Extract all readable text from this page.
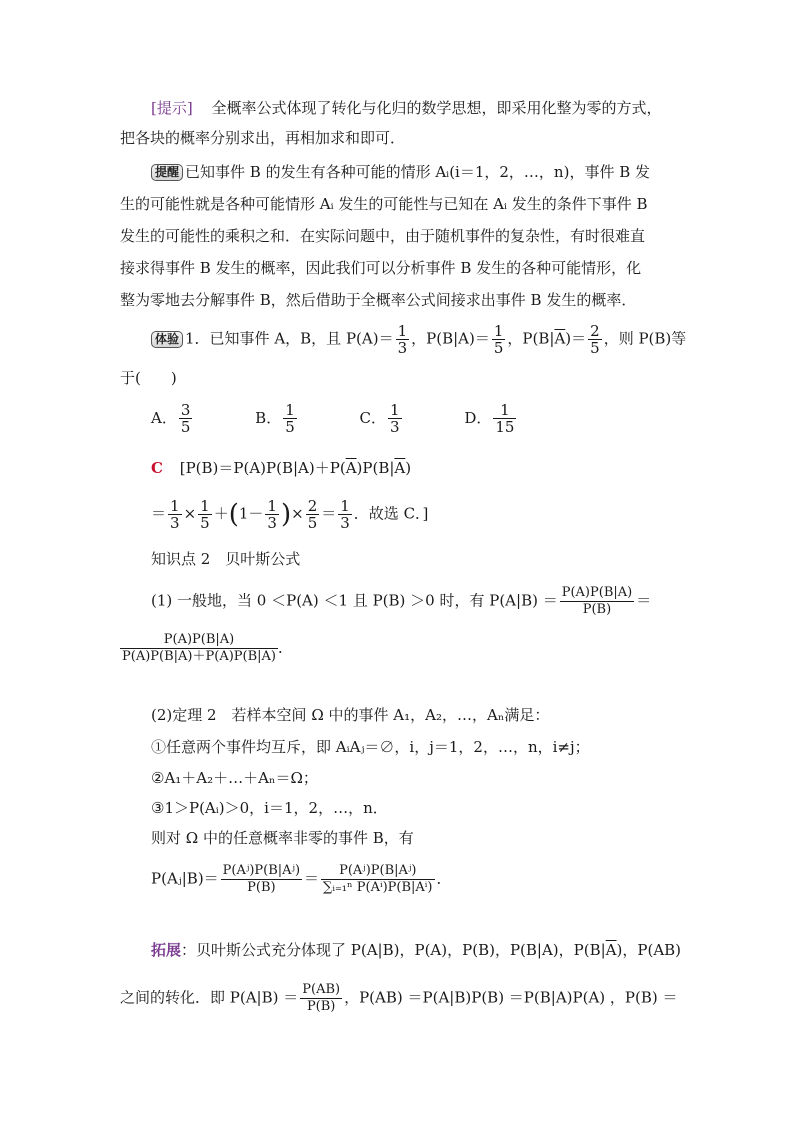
[提示] 全概率公式体现了转化与化归的数学思想，即采用化整为零的方式，
把各块的概率分别求出，再相加求和即可．
提醒 已知事件 B 的发生有各种可能的情形 Aᵢ(i＝1，2，…，n)，事件 B 发
生的可能性就是各种可能情形 Aᵢ 发生的可能性与已知在 Aᵢ 发生的条件下事件 B
发生的可能性的乘积之和．在实际问题中，由于随机事件的复杂性，有时很难直
接求得事件 B 发生的概率，因此我们可以分析事件 B 发生的各种可能情形，化
整为零地去分解事件 B，然后借助于全概率公式间接求出事件 B 发生的概率．
体验 1．已知事件 A，B，且 $P(A)= \frac{1}{3}$ ，$P(B|A)= \frac{1}{5}$ ，$P(B|\overline{A})= \frac{2}{5}$ ，则 P(B)等
于(　　)
A． $\frac{3}{5}$	B． $\frac{1}{5}$	C． $\frac{1}{3}$	D． $\frac{1}{15}$
C [$P(B)=P(A)P(B|A)+P(\overline{A})P(B|\overline{A})$
＝ $\frac{1}{3} \times \frac{1}{5} +(1- \frac{1}{3}$ )× $\frac{2}{5} = \frac{1}{3}$ ．故选 C．]
知识点 2　贝叶斯公式
(1) 一般地，当 0 ＜P(A) ＜1 且 P(B) ＞0 时，有 $P(A|B) = \frac{P(A)P(B|A)}{P(B)}$ ＝
$\frac{P(A)P(B|A)}{P(A)P(B|A)+P(\overline{A})P(B|\overline{A})}$ ．
(2)定理 2　若样本空间 Ω 中的事件 A₁，A₂，…，Aₙ满足：
①任意两个事件均互斥，即 AᵢAⱼ＝∅，i，j＝1，2，…，n，i≠j；
②A₁＋A₂＋…＋Aₙ＝Ω；
③1＞P(Aᵢ)＞0，i＝1，2，…，n．
则对 Ω 中的任意概率非零的事件 B，有
P(Aⱼ|B)＝ $\frac{\text{P(Aʲ)P(B|Aʲ)}}{P(B)} = \frac{\text{P(Aʲ)P(B|Aʲ)}}{\text{∑ᵢ₌₁ⁿ P(Aⁱ)P(B|Aⁱ)}}$ ．
拓展：贝叶斯公式充分体现了 P(A|B)，P(A)，P(B)，P(B|A)，$P(B|\overline{A})$，P(AB)
之间的转化．即 $P(A|B) = \frac{P(AB)}{P(B)}$ ，P(AB) ＝P(A|B)P(B) ＝P(B|A)P(A) ，P(B) ＝
